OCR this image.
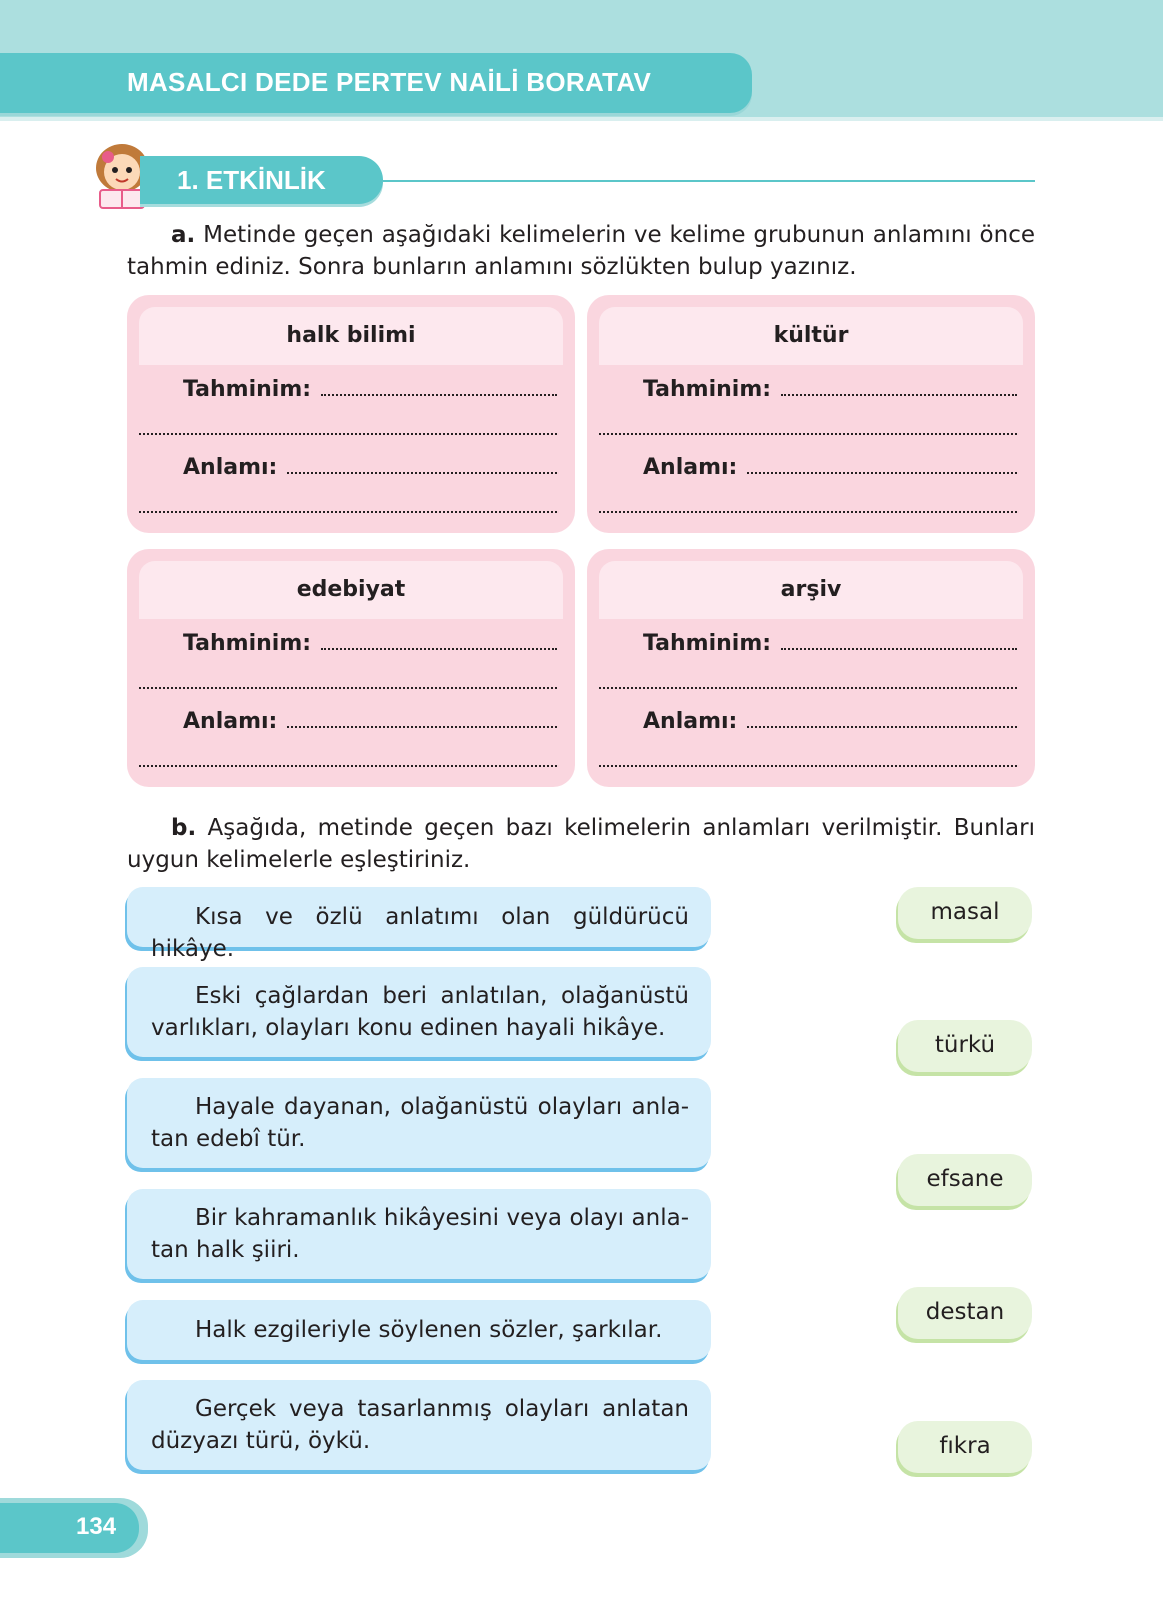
MASALCI DEDE PERTEV NAİLİ BORATAV
1. ETKİNLİK
a. Metinde geçen aşağıdaki kelimelerin ve kelime grubunun anlamını önce tahmin ediniz. Sonra bunların anlamını sözlükten bulup yazınız.
halk bilimi
Tahminim:
Anlamı:
kültür
Tahminim:
Anlamı:
edebiyat
Tahminim:
Anlamı:
arşiv
Tahminim:
Anlamı:
b. Aşağıda, metinde geçen bazı kelimelerin anlamları verilmiştir. Bunları uygun kelimelerle eşleştiriniz.
Kısa ve özlü anlatımı olan güldürücü hikâye.
Eski çağlardan beri anlatılan, olağanüstü varlıkları, olayları konu edinen hayali hikâye.
Hayale dayanan, olağanüstü olayları anla-tan edebî tür.
Bir kahramanlık hikâyesini veya olayı anla-tan halk şiiri.
Halk ezgileriyle söylenen sözler, şarkılar.
Gerçek veya tasarlanmış olayları anlatan düzyazı türü, öykü.
masal
türkü
efsane
destan
fıkra
134
